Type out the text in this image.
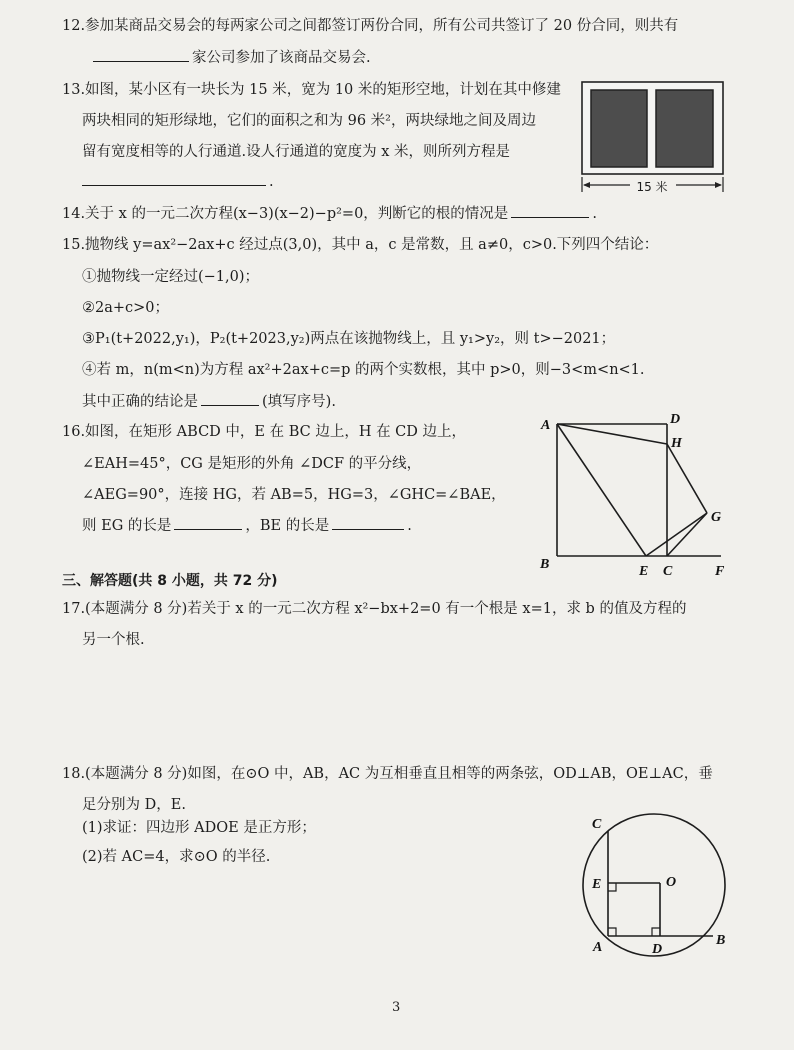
12.参加某商品交易会的每两家公司之间都签订两份合同，所有公司共签订了 20 份合同，则共有
家公司参加了该商品交易会.
13.如图，某小区有一块长为 15 米，宽为 10 米的矩形空地，计划在其中修建
两块相同的矩形绿地，它们的面积之和为 96 米²，两块绿地之间及周边
留有宽度相等的人行通道.设人行通道的宽度为 x 米，则所列方程是
.	15 米
14.关于 x 的一元二次方程(x−3)(x−2)−p²=0，判断它的根的情况是	.
15.抛物线 y=ax²−2ax+c 经过点(3,0)，其中 a，c 是常数，且 a≠0，c>0.下列四个结论：
①抛物线一定经过(−1,0)；
②2a+c>0；
③P₁(t+2022,y₁)，P₂(t+2023,y₂)两点在该抛物线上，且 y₁>y₂，则 t>−2021；
④若 m，n(m<n)为方程 ax²+2ax+c=p 的两个实数根，其中 p>0，则−3<m<n<1.
其中正确的结论是	(填写序号).
16.如图，在矩形 ABCD 中，E 在 BC 边上，H 在 CD 边上，
∠EAH=45°，CG 是矩形的外角 ∠DCF 的平分线，
∠AEG=90°，连接 HG，若 AB=5，HG=3，∠GHC=∠BAE，
则 EG 的长是	，BE 的长是	.
A	D
H
G
B	E C	F
三、解答题(共 8 小题，共 72 分)
17.(本题满分 8 分)若关于 x 的一元二次方程 x²−bx+2=0 有一个根是 x=1，求 b 的值及方程的
另一个根.
18.(本题满分 8 分)如图，在⊙O 中，AB，AC 为互相垂直且相等的两条弦，OD⊥AB，OE⊥AC，垂
足分别为 D，E.
(1)求证：四边形 ADOE 是正方形；
(2)若 AC=4，求⊙O 的半径.
C
E	O
A	D
B
3
